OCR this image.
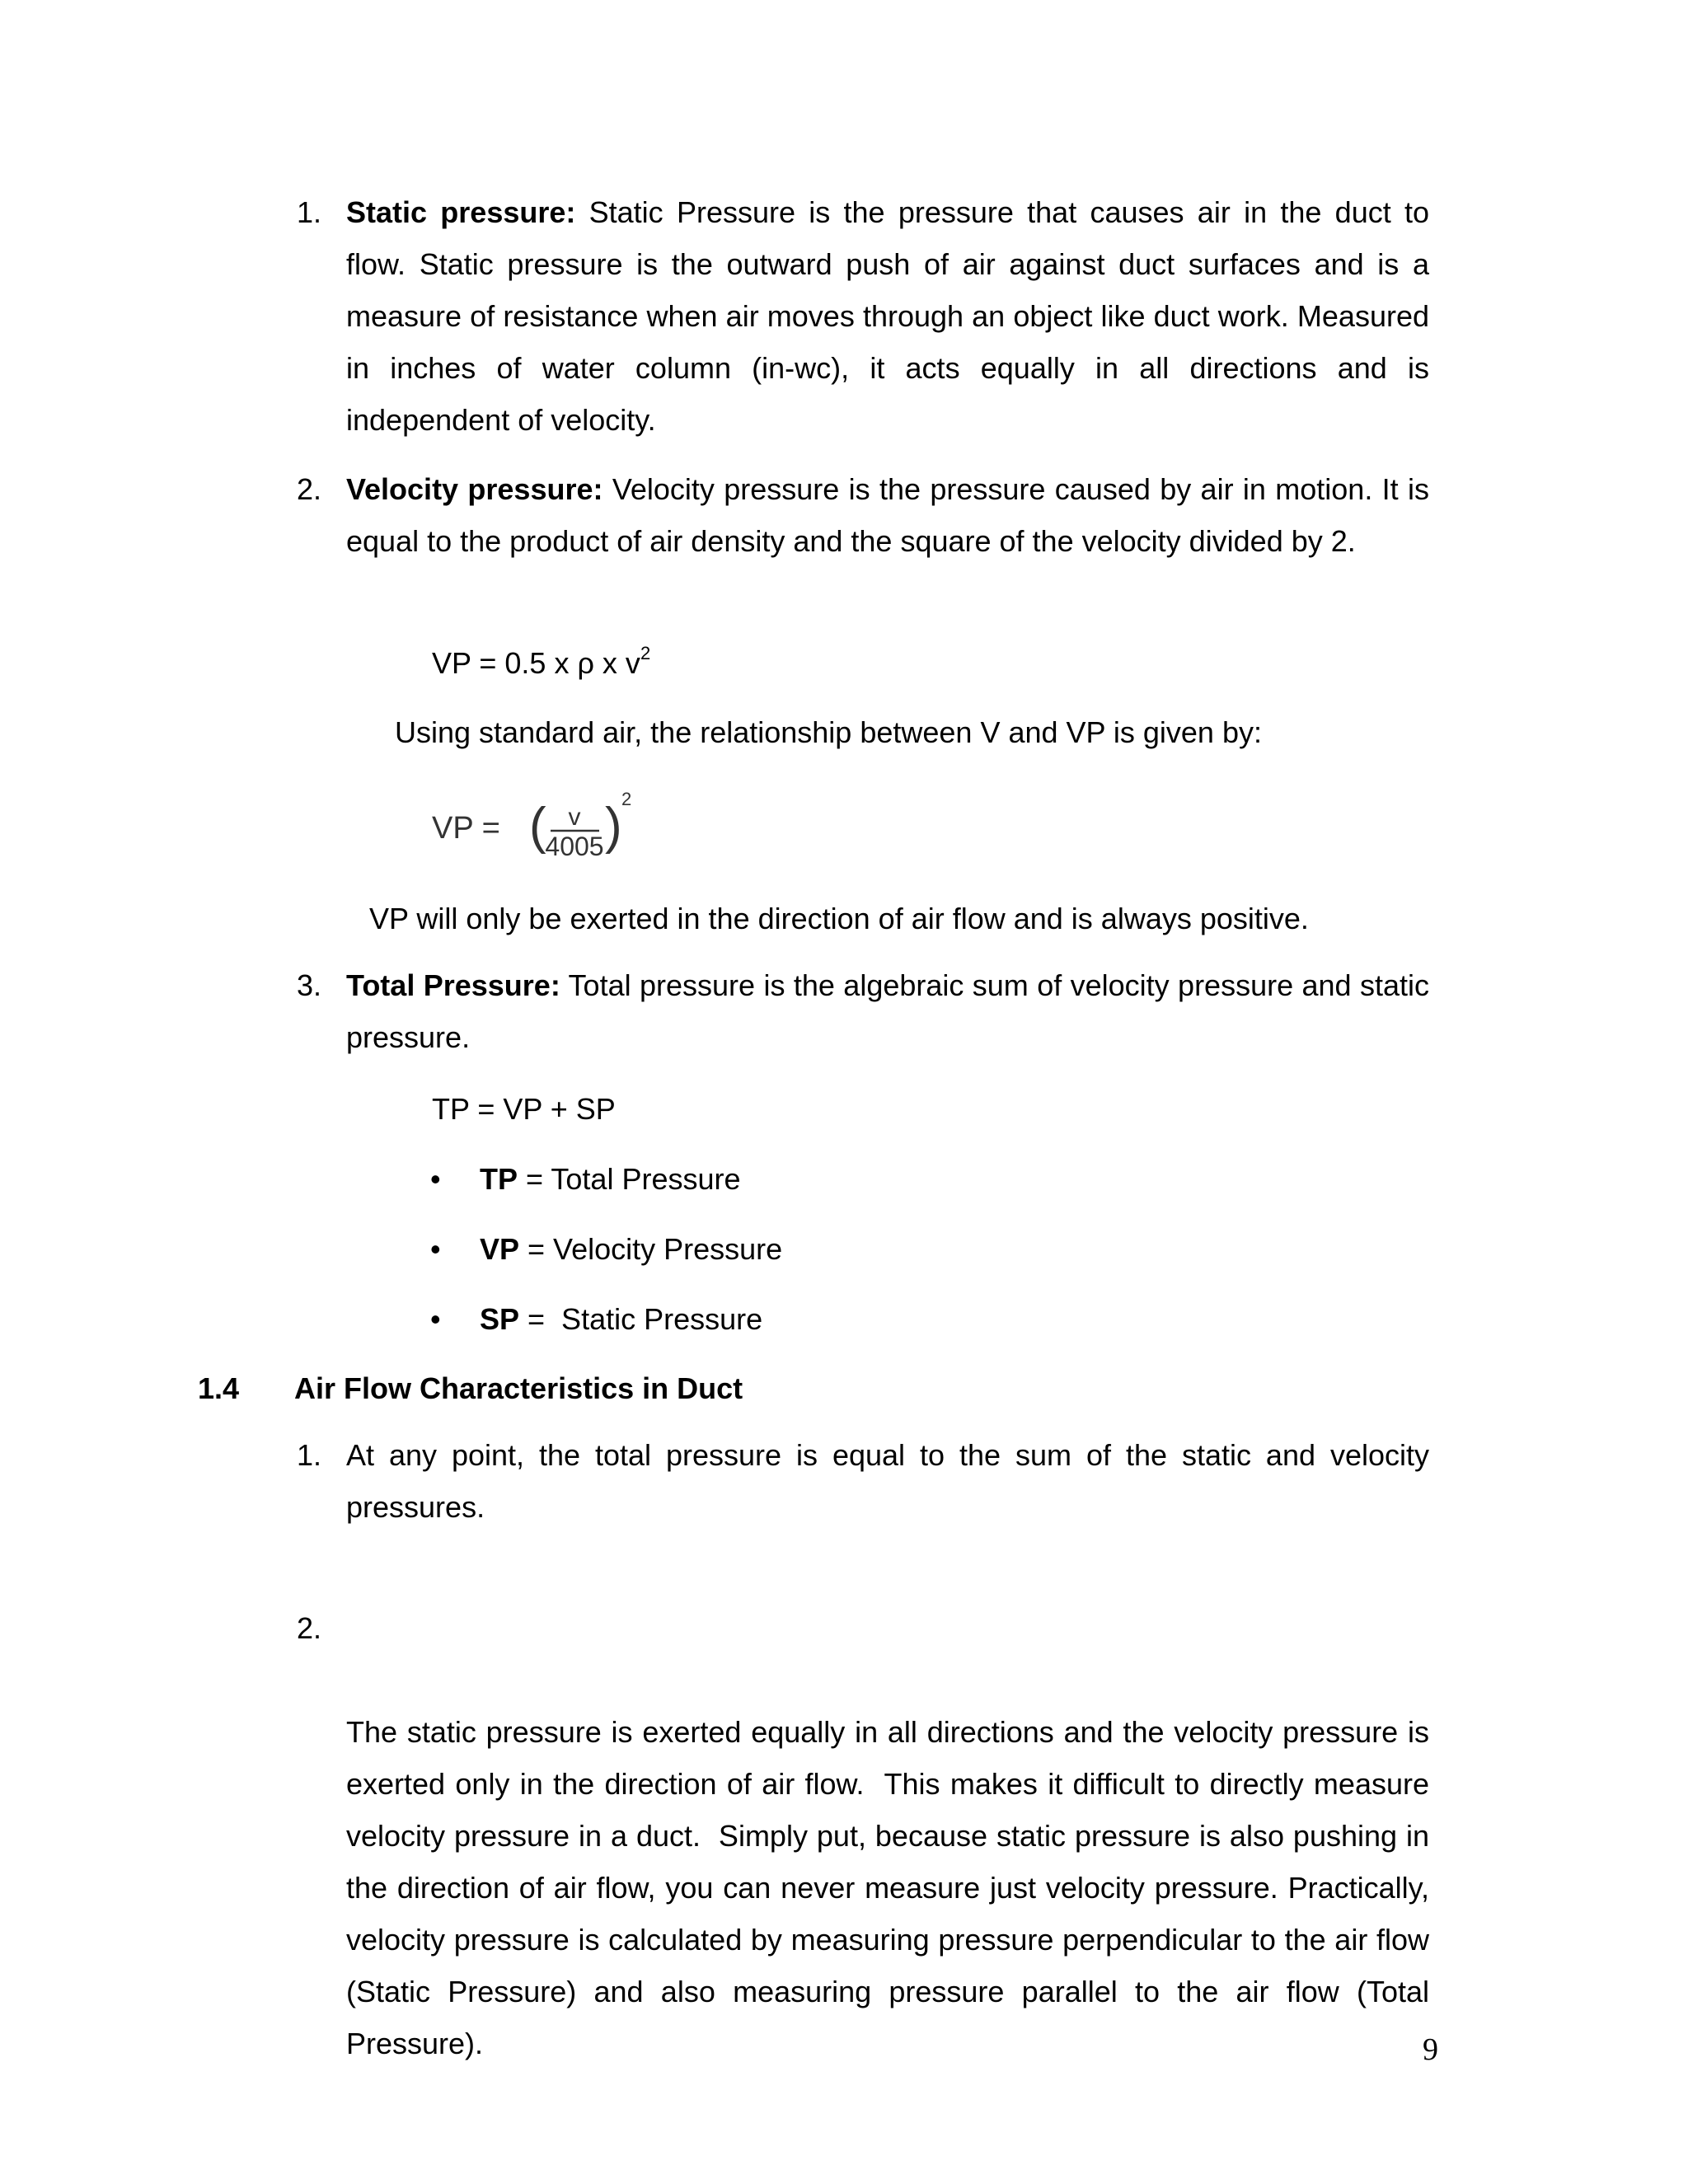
1. Static pressure: Static Pressure is the pressure that causes air in the duct to flow. Static pressure is the outward push of air against duct surfaces and is a measure of resistance when air moves through an object like duct work. Measured in inches of water column (in-wc), it acts equally in all directions and is independent of velocity.

2. Velocity pressure: Velocity pressure is the pressure caused by air in motion. It is equal to the product of air density and the square of the velocity divided by 2.

VP = 0.5 x ρ x $v^2$
Using standard air, the relationship between V and VP is given by:
VP = ( v
4005 ) 2
VP will only be exerted in the direction of air flow and is always positive.
3. Total Pressure: Total pressure is the algebraic sum of velocity pressure and static pressure.

TP = VP + SP
• TP = Total Pressure
• VP = Velocity Pressure
• SP =  Static Pressure
1.4 Air Flow Characteristics in Duct
1. At any point, the total pressure is equal to the sum of the static and velocity pressures.

2.

The static pressure is exerted equally in all directions and the velocity pressure is exerted only in the direction of air flow.  This makes it difficult to directly measure velocity pressure in a duct.  Simply put, because static pressure is also pushing in the direction of air flow, you can never measure just velocity pressure. Practically, velocity pressure is calculated by measuring pressure perpendicular to the air flow (Static Pressure) and also measuring pressure parallel to the air flow (Total Pressure).

	9
